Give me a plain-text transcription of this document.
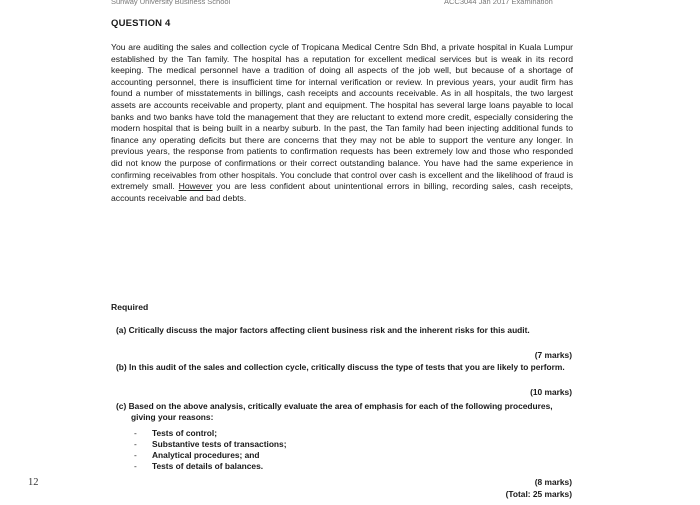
Sunway University Business School	ACC3044 Jan 2017 Examination
QUESTION 4
You are auditing the sales and collection cycle of Tropicana Medical Centre Sdn Bhd, a private hospital in Kuala Lumpur established by the Tan family. The hospital has a reputation for excellent medical services but is weak in its record keeping. The medical personnel have a tradition of doing all aspects of the job well, but because of a shortage of accounting personnel, there is insufficient time for internal verification or review. In previous years, your audit firm has found a number of misstatements in billings, cash receipts and accounts receivable. As in all hospitals, the two largest assets are accounts receivable and property, plant and equipment. The hospital has several large loans payable to local banks and two banks have told the management that they are reluctant to extend more credit, especially considering the modern hospital that is being built in a nearby suburb. In the past, the Tan family had been injecting additional funds to finance any operating deficits but there are concerns that they may not be able to support the venture any longer. In previous years, the response from patients to confirmation requests has been extremely low and those who responded did not know the purpose of confirmations or their correct outstanding balance. You have had the same experience in confirming receivables from other hospitals. You conclude that control over cash is excellent and the likelihood of fraud is extremely small. However you are less confident about unintentional errors in billing, recording sales, cash receipts, accounts receivable and bad debts.
Required
(a) Critically discuss the major factors affecting client business risk and the inherent risks for this audit.
(7 marks)
(b) In this audit of the sales and collection cycle, critically discuss the type of tests that you are likely to perform.
(10 marks)
(c) Based on the above analysis, critically evaluate the area of emphasis for each of the following procedures, giving your reasons:
- Tests of control;
- Substantive tests of transactions;
- Analytical procedures; and
- Tests of details of balances.
(8 marks)
(Total: 25 marks)
12
